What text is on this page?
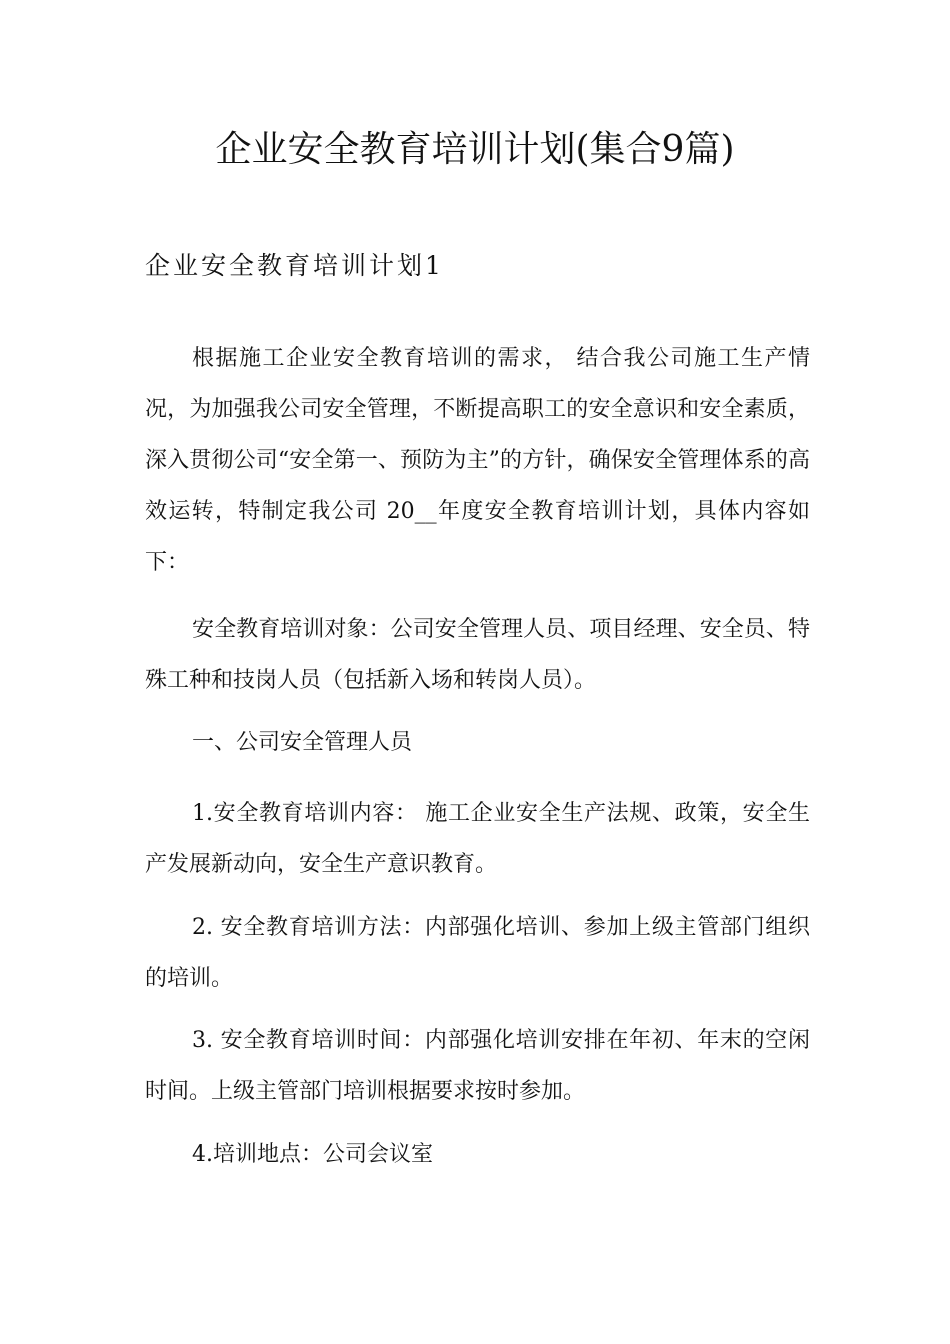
企业安全教育培训计划(集合9篇)
企业安全教育培训计划1

根据施工企业安全教育培训的需求， 结合我公司施工生产情况，为加强我公司安全管理，不断提高职工的安全意识和安全素质，深入贯彻公司“安全第一、预防为主”的方针，确保安全管理体系的高效运转，特制定我公司 20__年度安全教育培训计划，具体内容如下：

安全教育培训对象：公司安全管理人员、项目经理、安全员、特殊工种和技岗人员（包括新入场和转岗人员）。

一、公司安全管理人员

1.安全教育培训内容： 施工企业安全生产法规、政策，安全生产发展新动向，安全生产意识教育。

2. 安全教育培训方法：内部强化培训、参加上级主管部门组织的培训。

3. 安全教育培训时间：内部强化培训安排在年初、年末的空闲时间。上级主管部门培训根据要求按时参加。

4.培训地点：公司会议室
